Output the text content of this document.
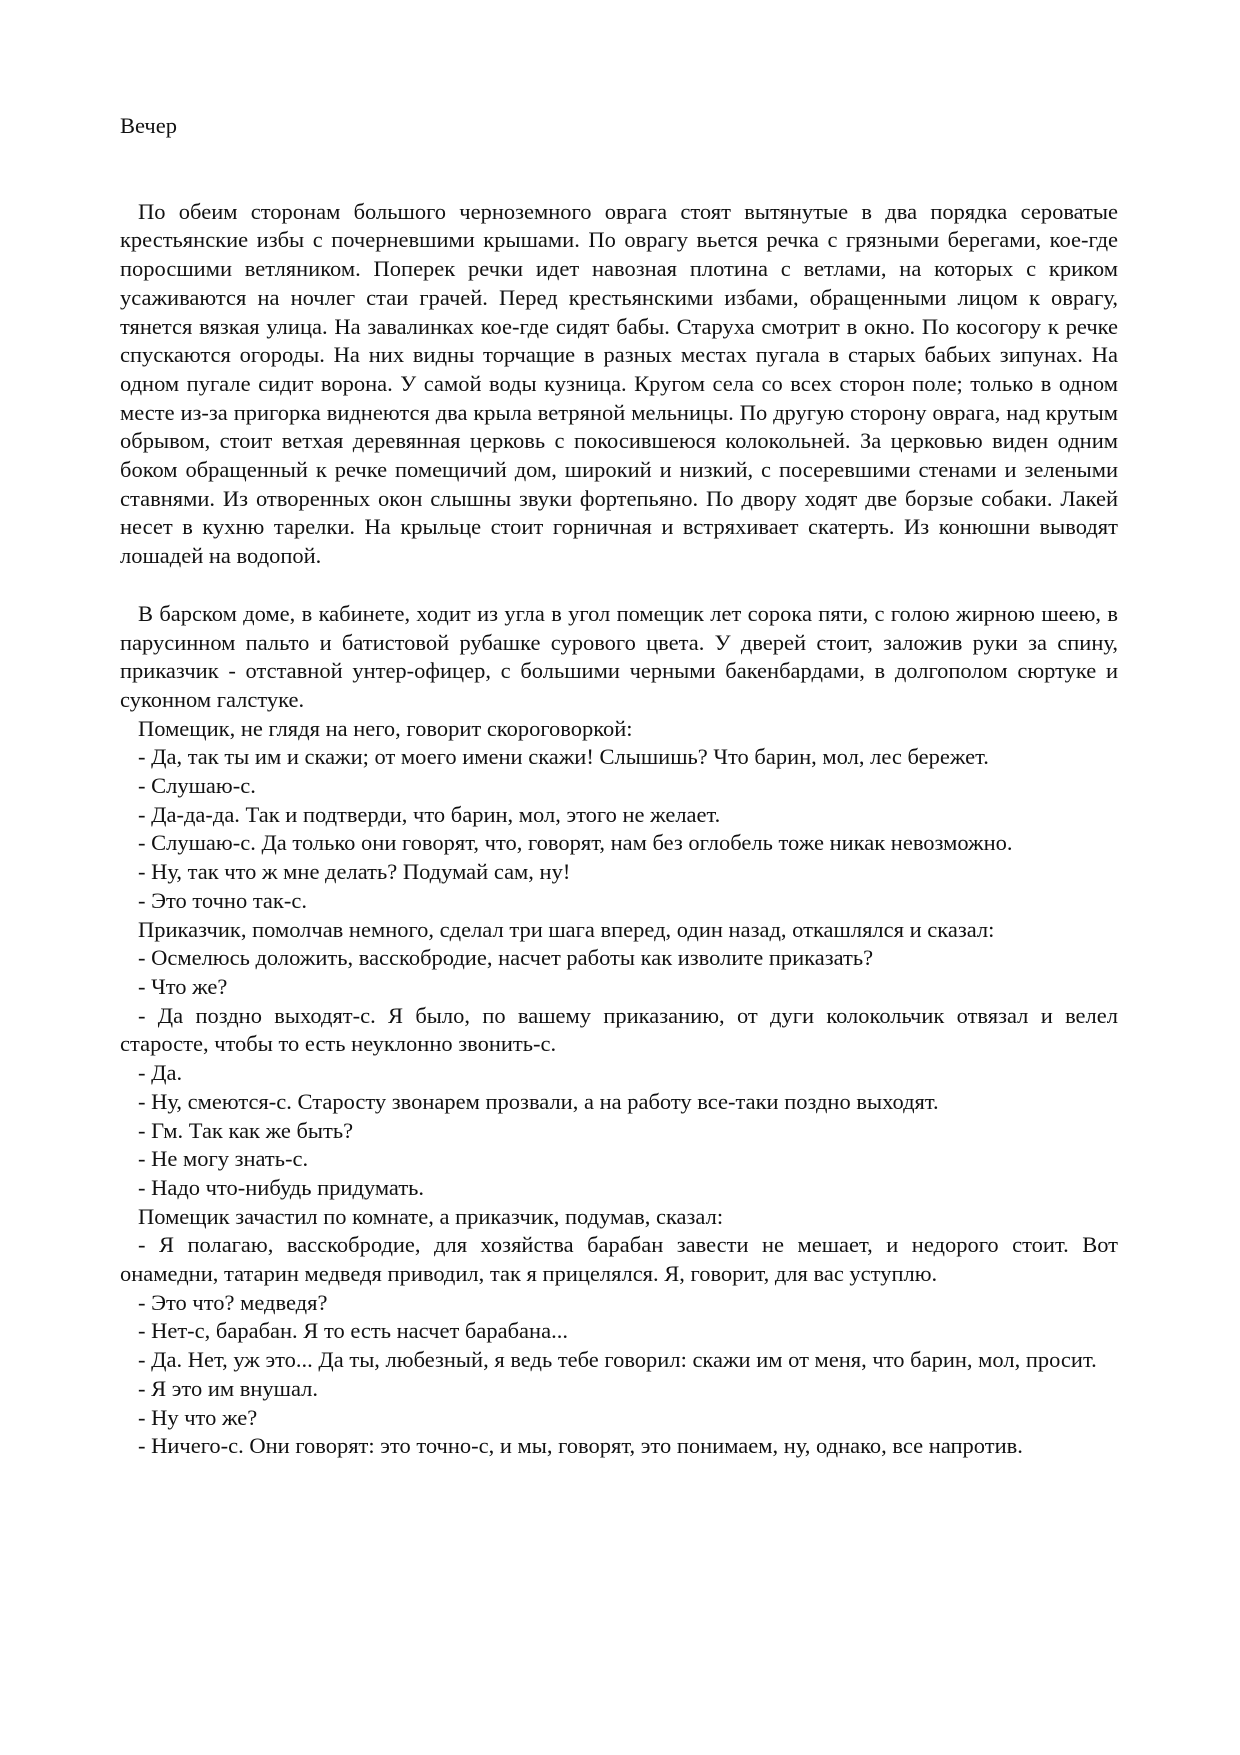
Вечер

По обеим сторонам большого черноземного оврага стоят вытянутые в два порядка сероватые крестьянские избы с почерневшими крышами. По оврагу вьется речка с грязными берегами, кое-где поросшими ветляником. Поперек речки идет навозная плотина с ветлами, на которых с криком усаживаются на ночлег стаи грачей. Перед крестьянскими избами, обращенными лицом к оврагу, тянется вязкая улица. На завалинках кое-где сидят бабы. Старуха смотрит в окно. По косогору к речке спускаются огороды. На них видны торчащие в разных местах пугала в старых бабьих зипунах. На одном пугале сидит ворона. У самой воды кузница. Кругом села со всех сторон поле; только в одном месте из-за пригорка виднеются два крыла ветряной мельницы. По другую сторону оврага, над крутым обрывом, стоит ветхая деревянная церковь с покосившеюся колокольней. За церковью виден одним боком обращенный к речке помещичий дом, широкий и низкий, с посеревшими стенами и зелеными ставнями. Из отворенных окон слышны звуки фортепьяно. По двору ходят две борзые собаки. Лакей несет в кухню тарелки. На крыльце стоит горничная и встряхивает скатерть. Из конюшни выводят лошадей на водопой.

В барском доме, в кабинете, ходит из угла в угол помещик лет сорока пяти, с голою жирною шеею, в парусинном пальто и батистовой рубашке сурового цвета. У дверей стоит, заложив руки за спину, приказчик - отставной унтер-офицер, с большими черными бакенбардами, в долгополом сюртуке и суконном галстуке.

Помещик, не глядя на него, говорит скороговоркой:

- Да, так ты им и скажи; от моего имени скажи! Слышишь? Что барин, мол, лес бережет.

- Слушаю-с.

- Да-да-да. Так и подтверди, что барин, мол, этого не желает.

- Слушаю-с. Да только они говорят, что, говорят, нам без оглобель тоже никак невозможно.

- Ну, так что ж мне делать? Подумай сам, ну!

- Это точно так-с.

Приказчик, помолчав немного, сделал три шага вперед, один назад, откашлялся и сказал:

- Осмелюсь доложить, васскобродие, насчет работы как изволите приказать?

- Что же?

- Да поздно выходят-с. Я было, по вашему приказанию, от дуги колокольчик отвязал и велел старосте, чтобы то есть неуклонно звонить-с.

- Да.

- Ну, смеются-с. Старосту звонарем прозвали, а на работу все-таки поздно выходят.

- Гм. Так как же быть?

- Не могу знать-с.

- Надо что-нибудь придумать.

Помещик зачастил по комнате, а приказчик, подумав, сказал:

- Я полагаю, васскобродие, для хозяйства барабан завести не мешает, и недорого стоит. Вот онамедни, татарин медведя приводил, так я прицелялся. Я, говорит, для вас уступлю.

- Это что? медведя?

- Нет-с, барабан. Я то есть насчет барабана...

- Да. Нет, уж это... Да ты, любезный, я ведь тебе говорил: скажи им от меня, что барин, мол, просит.

- Я это им внушал.

- Ну что же?

- Ничего-с. Они говорят: это точно-с, и мы, говорят, это понимаем, ну, однако, все напротив.
